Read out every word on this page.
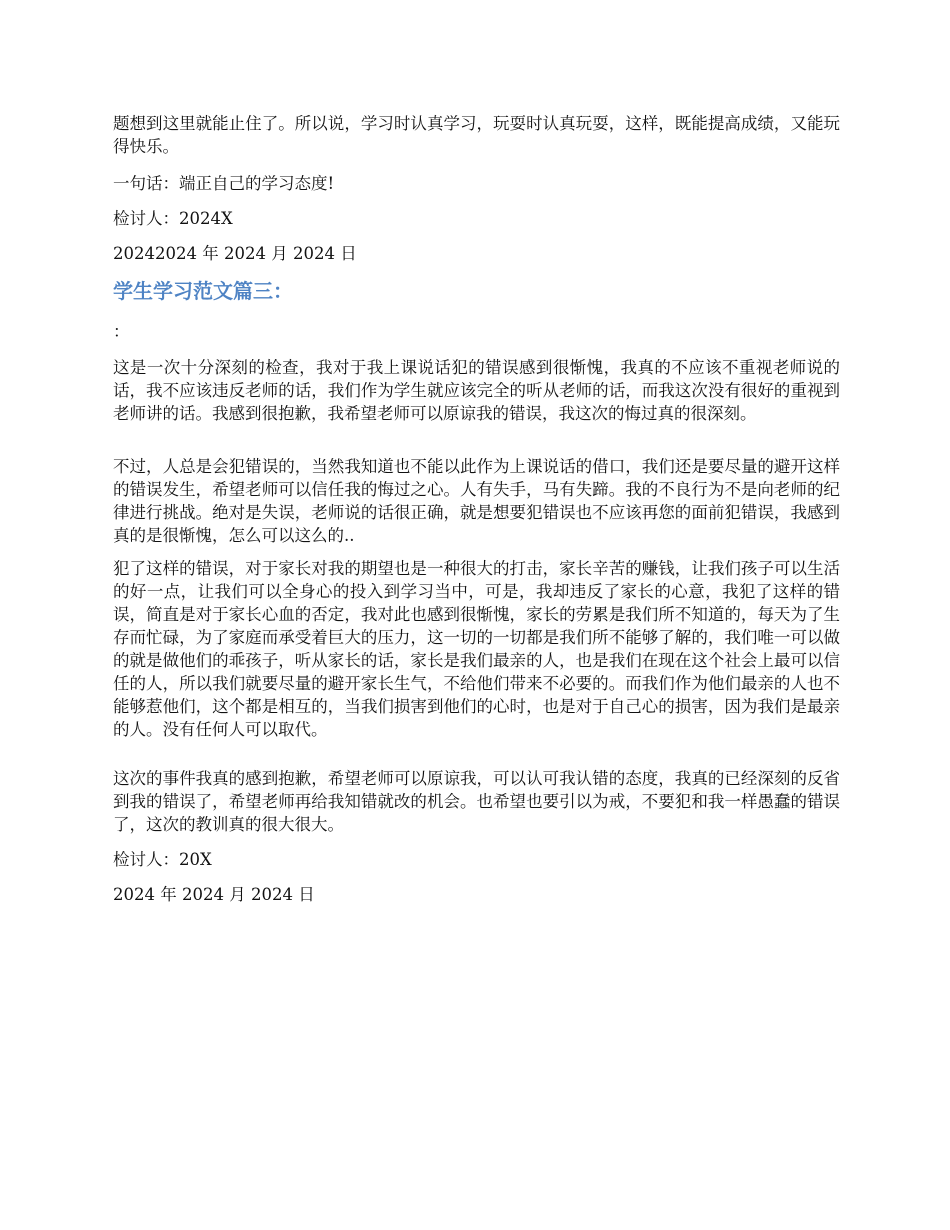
题想到这里就能止住了。所以说，学习时认真学习，玩耍时认真玩耍，这样，既能提高成绩，又能玩得快乐。

一句话：端正自己的学习态度!

检讨人：2024X

20242024 年 2024 月 2024 日

学生学习范文篇三：

：

这是一次十分深刻的检查，我对于我上课说话犯的错误感到很惭愧，我真的不应该不重视老师说的话，我不应该违反老师的话，我们作为学生就应该完全的听从老师的话，而我这次没有很好的重视到老师讲的话。我感到很抱歉，我希望老师可以原谅我的错误，我这次的悔过真的很深刻。

不过，人总是会犯错误的，当然我知道也不能以此作为上课说话的借口，我们还是要尽量的避开这样的错误发生，希望老师可以信任我的悔过之心。人有失手，马有失蹄。我的不良行为不是向老师的纪律进行挑战。绝对是失误，老师说的话很正确，就是想要犯错误也不应该再您的面前犯错误，我感到真的是很惭愧，怎么可以这么的..

犯了这样的错误，对于家长对我的期望也是一种很大的打击，家长辛苦的赚钱，让我们孩子可以生活的好一点，让我们可以全身心的投入到学习当中，可是，我却违反了家长的心意，我犯了这样的错误，简直是对于家长心血的否定，我对此也感到很惭愧，家长的劳累是我们所不知道的，每天为了生存而忙碌，为了家庭而承受着巨大的压力，这一切的一切都是我们所不能够了解的，我们唯一可以做的就是做他们的乖孩子，听从家长的话，家长是我们最亲的人，也是我们在现在这个社会上最可以信任的人，所以我们就要尽量的避开家长生气，不给他们带来不必要的。而我们作为他们最亲的人也不能够惹他们，这个都是相互的，当我们损害到他们的心时，也是对于自己心的损害，因为我们是最亲的人。没有任何人可以取代。

这次的事件我真的感到抱歉，希望老师可以原谅我，可以认可我认错的态度，我真的已经深刻的反省到我的错误了，希望老师再给我知错就改的机会。也希望也要引以为戒，不要犯和我一样愚蠢的错误了，这次的教训真的很大很大。

检讨人：20X

2024 年 2024 月 2024 日
